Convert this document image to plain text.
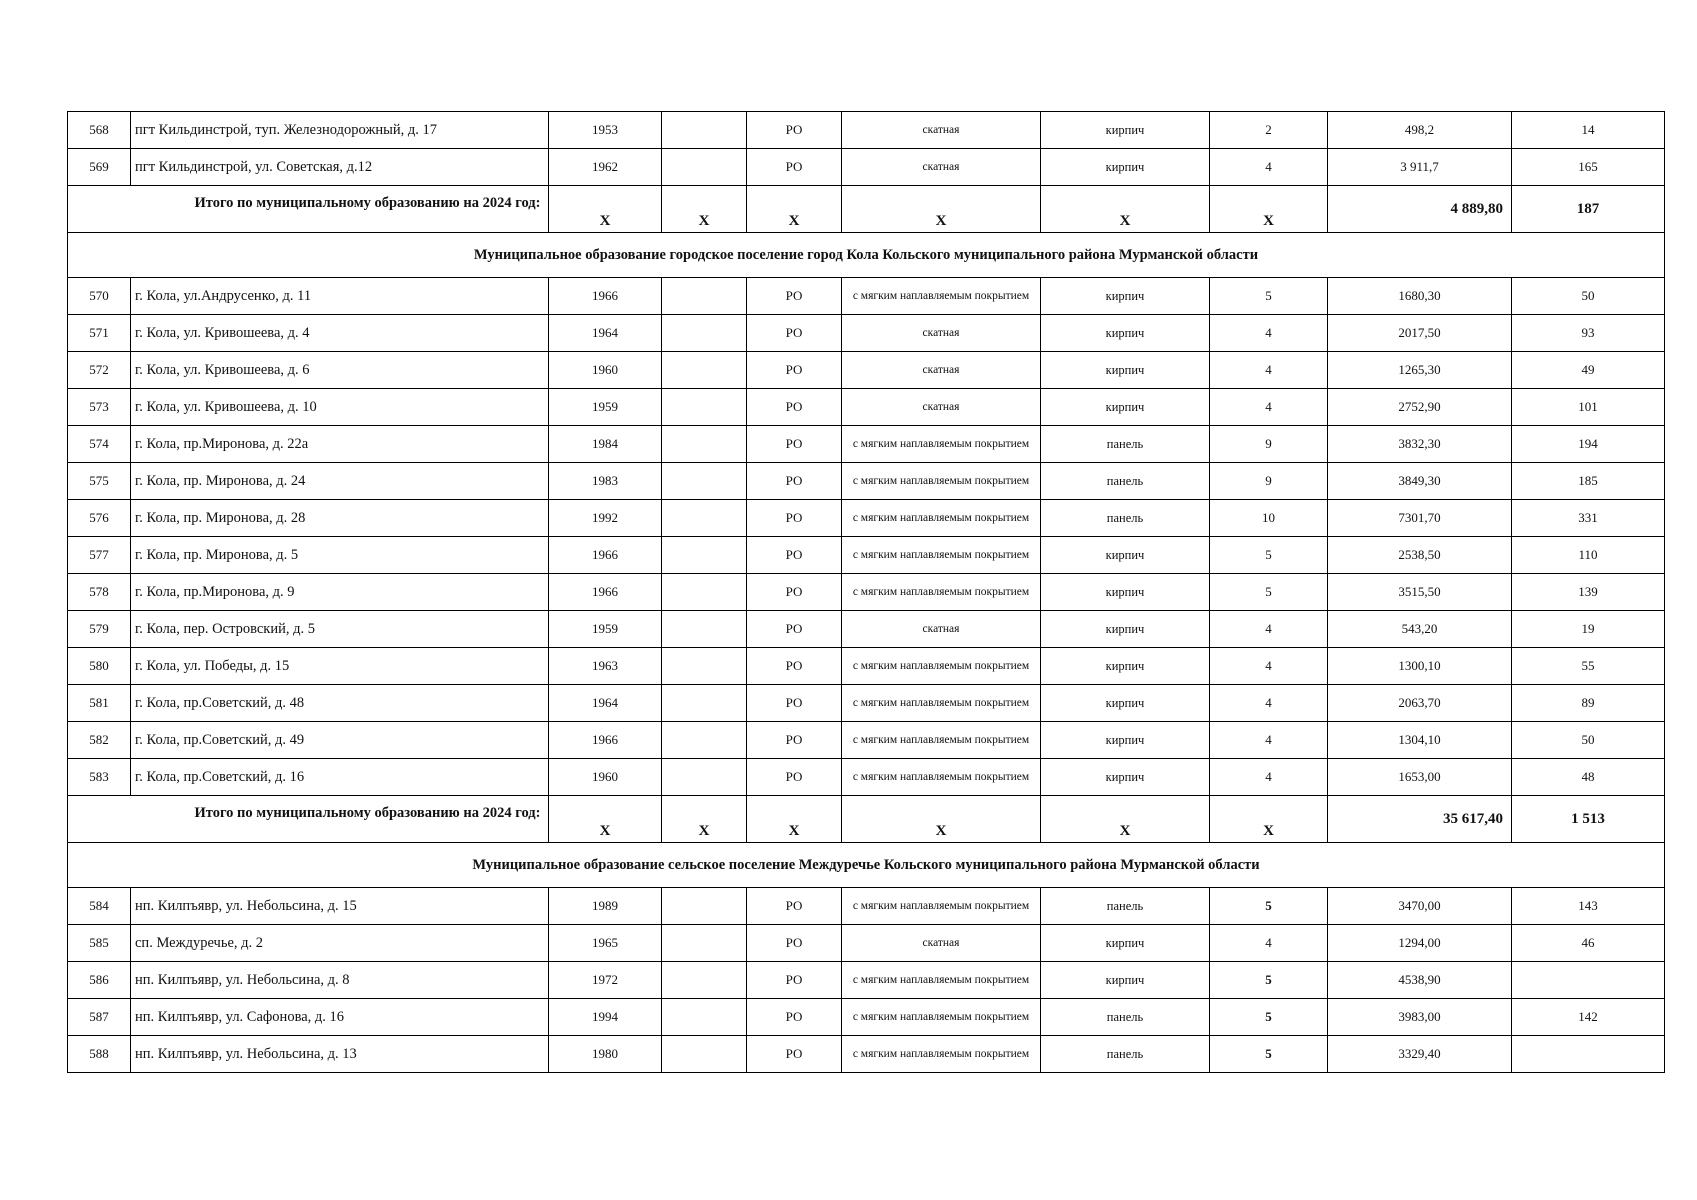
568	пгт Кильдинстрой, туп. Железнодорожный, д. 17	1953		РО	скатная	кирпич	2	498,2	14
569	пгт Кильдинстрой, ул. Советская, д.12	1962		РО	скатная	кирпич	4	3 911,7	165
	Итого по муниципальному образованию на 2024 год:	Х	Х	Х	Х	Х	Х	4 889,80	187
Муниципальное образование городское поселение город Кола Кольского муниципального района Мурманской области									
570	г. Кола, ул.Андрусенко, д. 11	1966		РО	с мягким наплавляемым покрытием	кирпич	5	1680,30	50
571	г. Кола, ул. Кривошеева, д. 4	1964		РО	скатная	кирпич	4	2017,50	93
572	г. Кола, ул. Кривошеева, д. 6	1960		РО	скатная	кирпич	4	1265,30	49
573	г. Кола, ул. Кривошеева, д. 10	1959		РО	скатная	кирпич	4	2752,90	101
574	г. Кола, пр.Миронова, д. 22а	1984		РО	с мягким наплавляемым покрытием	панель	9	3832,30	194
575	г. Кола, пр. Миронова, д. 24	1983		РО	с мягким наплавляемым покрытием	панель	9	3849,30	185
576	г. Кола, пр. Миронова, д. 28	1992		РО	с мягким наплавляемым покрытием	панель	10	7301,70	331
577	г. Кола, пр. Миронова, д. 5	1966		РО	с мягким наплавляемым покрытием	кирпич	5	2538,50	110
578	г. Кола, пр.Миронова, д. 9	1966		РО	с мягким наплавляемым покрытием	кирпич	5	3515,50	139
579	г. Кола, пер. Островский, д. 5	1959		РО	скатная	кирпич	4	543,20	19
580	г. Кола, ул. Победы, д. 15	1963		РО	с мягким наплавляемым покрытием	кирпич	4	1300,10	55
581	г. Кола, пр.Советский, д. 48	1964		РО	с мягким наплавляемым покрытием	кирпич	4	2063,70	89
582	г. Кола, пр.Советский, д. 49	1966		РО	с мягким наплавляемым покрытием	кирпич	4	1304,10	50
583	г. Кола, пр.Советский, д. 16	1960		РО	с мягким наплавляемым покрытием	кирпич	4	1653,00	48
	Итого по муниципальному образованию на 2024 год:	Х	Х	Х	Х	Х	Х	35 617,40	1 513
Муниципальное образование сельское поселение Междуречье Кольского муниципального района Мурманской области									
584	нп. Килпъявр, ул. Небольсина, д. 15	1989		РО	с мягким наплавляемым покрытием	панель	5	3470,00	143
585	сп. Междуречье, д. 2	1965		РО	скатная	кирпич	4	1294,00	46
586	нп. Килпъявр, ул. Небольсина, д. 8	1972		РО	с мягким наплавляемым покрытием	кирпич	5	4538,90	
587	нп. Килпъявр, ул. Сафонова, д. 16	1994		РО	с мягким наплавляемым покрытием	панель	5	3983,00	142
588	нп. Килпъявр, ул. Небольсина, д. 13	1980		РО	с мягким наплавляемым покрытием	панель	5	3329,40	
